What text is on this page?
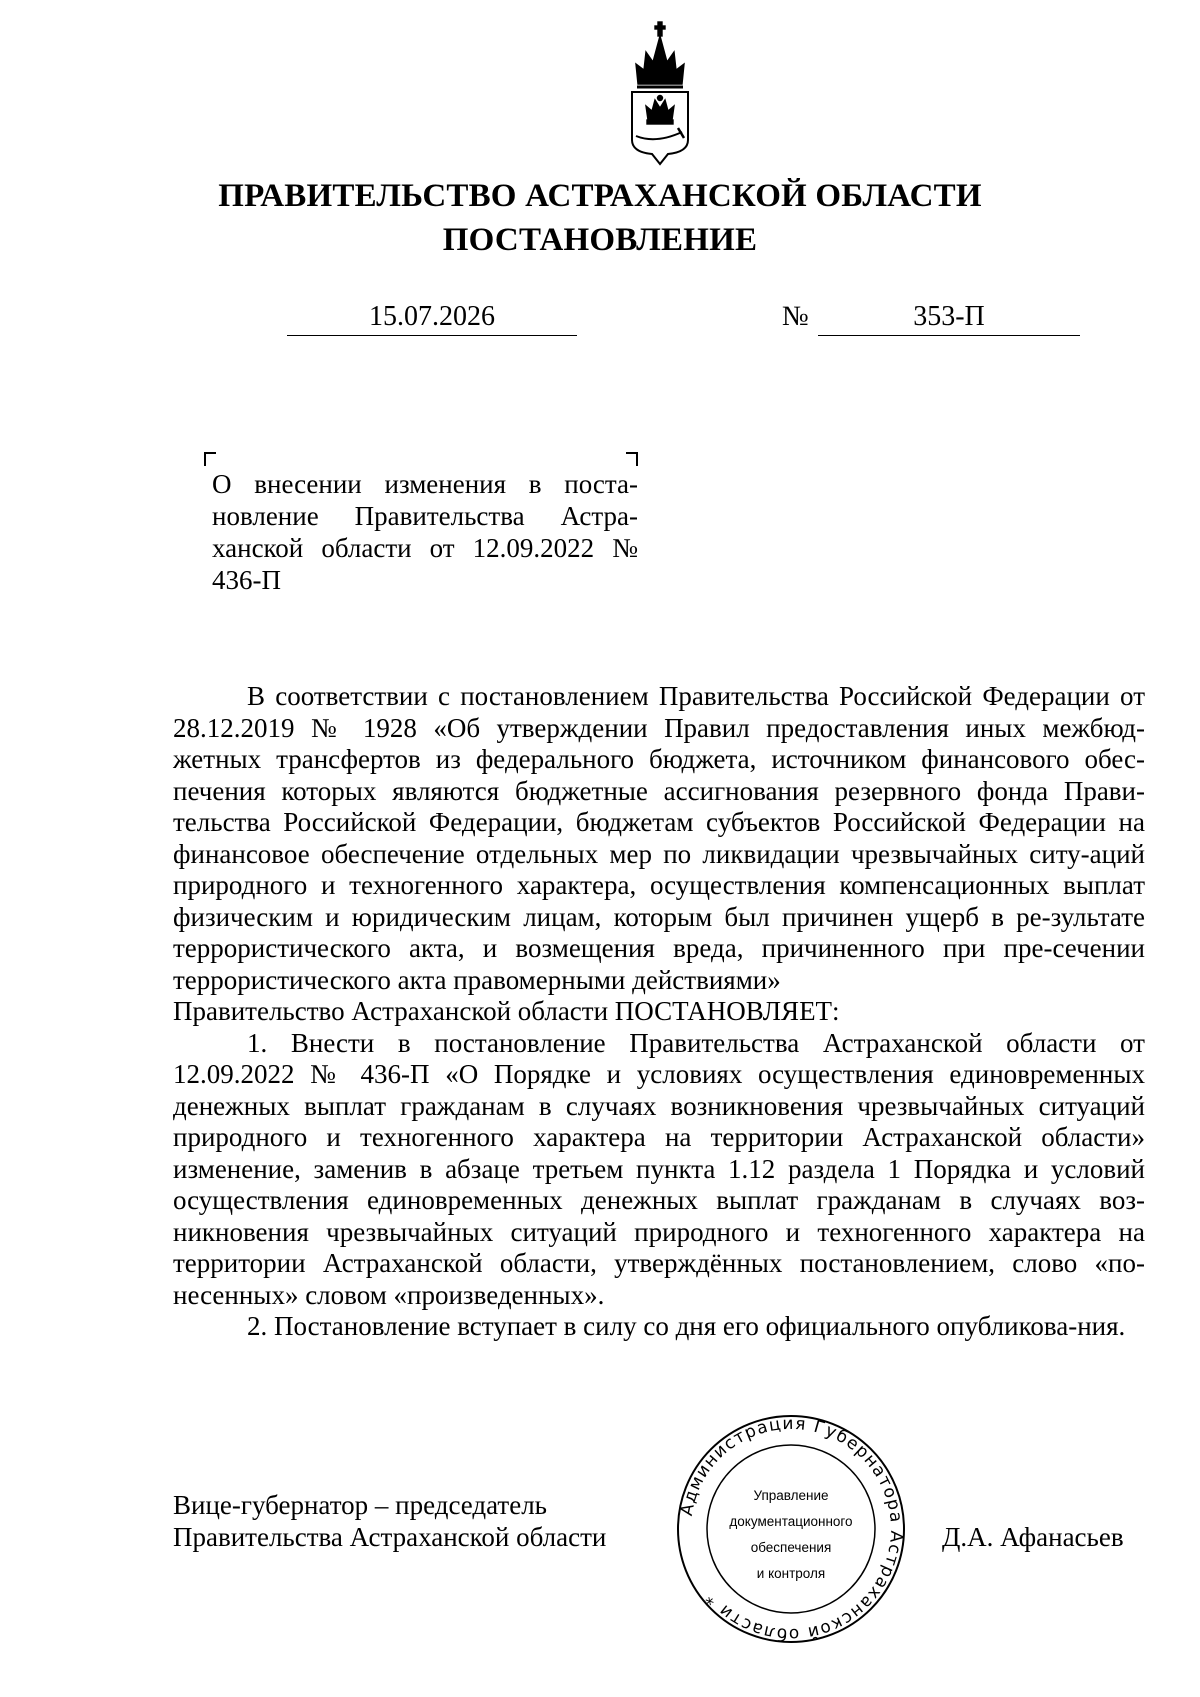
ПРАВИТЕЛЬСТВО АСТРАХАНСКОЙ ОБЛАСТИ
ПОСТАНОВЛЕНИЕ
15.07.2026	№	353-П
О внесении изменения в поста-новление Правительства Астра-ханской области от 12.09.2022 № 436-П

В соответствии с постановлением Правительства Российской Федерации от 28.12.2019 № 1928 «Об утверждении Правил предоставления иных межбюд-жетных трансфертов из федерального бюджета, источником финансового обес-печения которых являются бюджетные ассигнования резервного фонда Прави-тельства Российской Федерации, бюджетам субъектов Российской Федерации на финансовое обеспечение отдельных мер по ликвидации чрезвычайных ситу-аций природного и техногенного характера, осуществления компенсационных выплат физическим и юридическим лицам, которым был причинен ущерб в ре-зультате террористического акта, и возмещения вреда, причиненного при пре-сечении террористического акта правомерными действиями»

Правительство Астраханской области ПОСТАНОВЛЯЕТ:

1. Внести в постановление Правительства Астраханской области от 12.09.2022 № 436-П «О Порядке и условиях осуществления единовременных денежных выплат гражданам в случаях возникновения чрезвычайных ситуаций природного и техногенного характера на территории Астраханской области» изменение, заменив в абзаце третьем пункта 1.12 раздела 1 Порядка и условий осуществления единовременных денежных выплат гражданам в случаях воз-никновения чрезвычайных ситуаций природного и техногенного характера на территории Астраханской области, утверждённых постановлением, слово «по-несенных» словом «произведенных».

2. Постановление вступает в силу со дня его официального опубликова-ния.

Вице-губернатор – председатель
Правительства Астраханской области	Д.А. Афанасьев
Администрация Губернатора Астраханской области *
Управление
документационного
обеспечения
и контроля
